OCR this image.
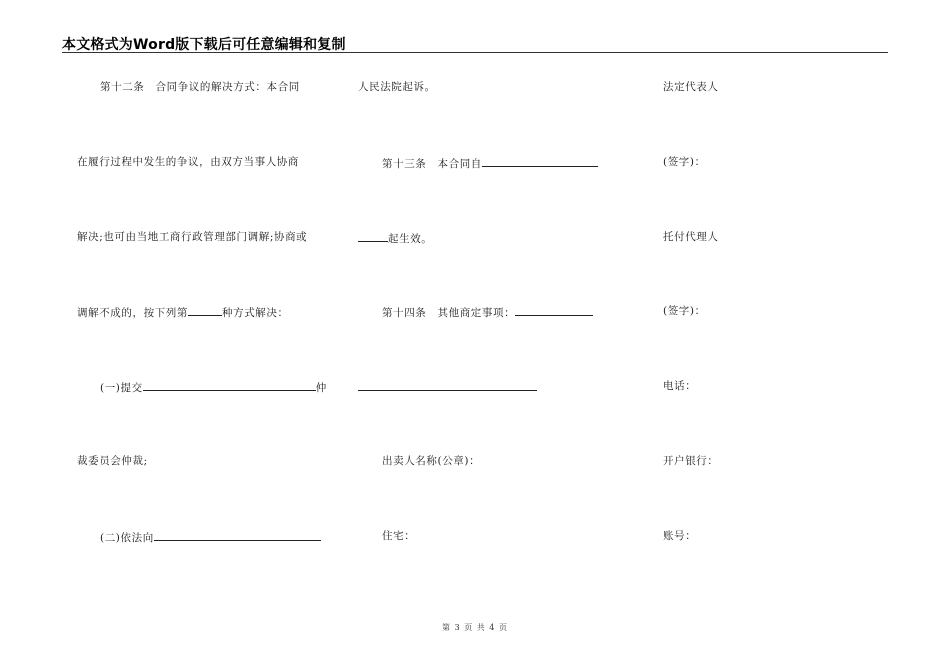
本文格式为Word版下载后可任意编辑和复制
第十二条　合同争议的解决方式：本合同
在履行过程中发生的争议，由双方当事人协商
解决;也可由当地工商行政管理部门调解;协商或
调解不成的，按下列第	种方式解决：
(一)提交	仲
裁委员会仲裁;
(二)依法向
人民法院起诉。
第十三条　本合同自
起生效。
第十四条　其他商定事项：
出卖人名称(公章)：
住宅：
法定代表人
(签字)：
托付代理人
(签字)：
电话：
开户银行：
账号：
第 3 页 共 4 页
